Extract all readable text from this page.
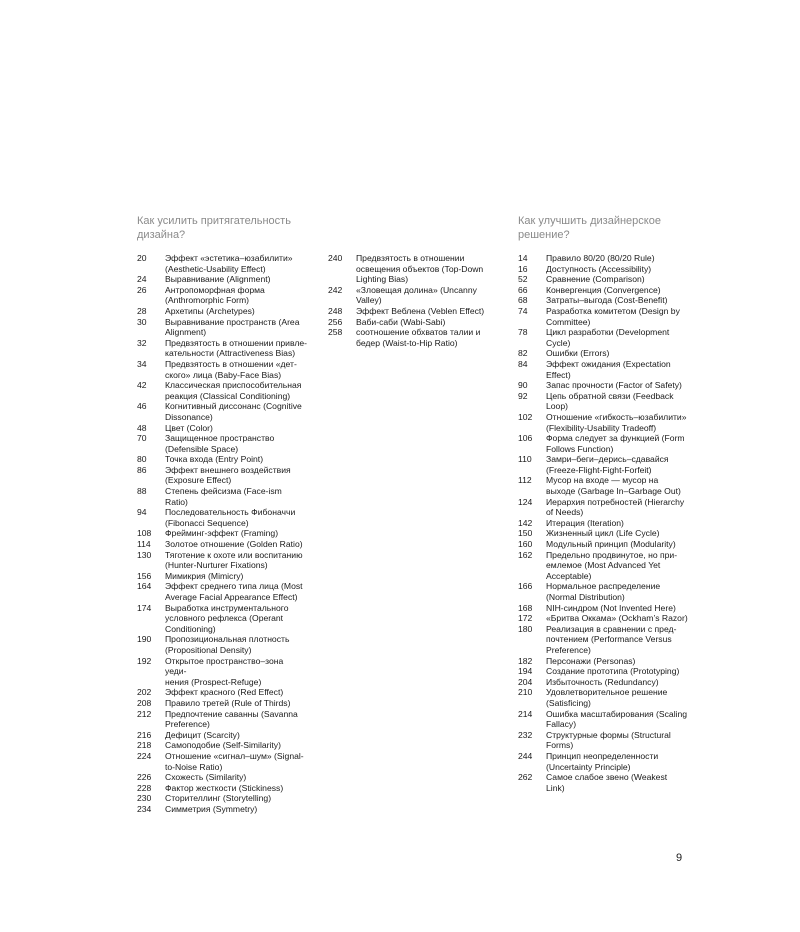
Как усилить притягательность
дизайна?
Как улучшить дизайнерское
решение?
20	Эффект «эстетика–юзабилити»
(Aesthetic-Usability Effect)
24	Выравнивание (Alignment)
26	Антропоморфная форма
(Anthromorphic Form)
28	Архетипы (Archetypes)
30	Выравнивание пространств (Area
Alignment)
32	Предвзятость в отношении привле-
кательности (Attractiveness Bias)
34	Предвзятость в отношении «дет-
ского» лица (Baby-Face Bias)
42	Классическая приспособительная
реакция (Classical Conditioning)
46	Когнитивный диссонанс (Cognitive
Dissonance)
48	Цвет (Color)
70	Защищенное пространство
(Defensible Space)
80	Точка входа (Entry Point)
86	Эффект внешнего воздействия
(Exposure Effect)
88	Степень фейсизма (Face-ism Ratio)
94	Последовательность Фибоначчи
(Fibonacci Sequence)
108	Фрейминг-эффект (Framing)
114	Золотое отношение (Golden Ratio)
130	Тяготение к охоте или воспитанию
(Hunter-Nurturer Fixations)
156	Мимикрия (Mimicry)
164	Эффект среднего типа лица (Most
Average Facial Appearance Effect)
174	Выработка инструментального
условного рефлекса (Operant
Conditioning)
190	Пропозициональная плотность
(Propositional Density)
192	Открытое пространство–зона уеди-
нения (Prospect-Refuge)
202	Эффект красного (Red Effect)
208	Правило третей (Rule of Thirds)
212	Предпочтение саванны (Savanna
Preference)
216	Дефицит (Scarcity)
218	Самоподобие (Self-Similarity)
224	Отношение «сигнал–шум» (Signal-
to-Noise Ratio)
226	Схожесть (Similarity)
228	Фактор жесткости (Stickiness)
230	Сторителлинг (Storytelling)
234	Симметрия (Symmetry)
240	Предвзятость в отношении
освещения объектов (Top-Down
Lighting Bias)
242	«Зловещая долина» (Uncanny
Valley)
248	Эффект Веблена (Veblen Effect)
256	Ваби-саби (Wabi-Sabi)
258	соотношение обхватов талии и
бедер (Waist-to-Hip Ratio)
14	Правило 80/20 (80/20 Rule)
16	Доступность (Accessibility)
52	Сравнение (Comparison)
66	Конвергенция (Convergence)
68	Затраты–выгода (Cost-Benefit)
74	Разработка комитетом (Design by
Committee)
78	Цикл разработки (Development
Cycle)
82	Ошибки (Errors)
84	Эффект ожидания (Expectation
Effect)
90	Запас прочности (Factor of Safety)
92	Цепь обратной связи (Feedback
Loop)
102	Отношение «гибкость–юзабилити»
(Flexibility-Usability Tradeoff)
106	Форма следует за функцией (Form
Follows Function)
110	Замри–беги–дерись–сдавайся
(Freeze-Flight-Fight-Forfeit)
112	Мусор на входе — мусор на
выходе (Garbage In–Garbage Out)
124	Иерархия потребностей (Hierarchy
of Needs)
142	Итерация (Iteration)
150	Жизненный цикл (Life Cycle)
160	Модульный принцип (Modularity)
162	Предельно продвинутое, но при-
емлемое (Most Advanced Yet
Acceptable)
166	Нормальное распределение
(Normal Distribution)
168	NIH-синдром (Not Invented Here)
172	«Бритва Оккама» (Ockham’s Razor)
180	Реализация в сравнении с пред-
почтением (Performance Versus
Preference)
182	Персонажи (Personas)
194	Создание прототипа (Prototyping)
204	Избыточность (Redundancy)
210	Удовлетворительное решение
(Satisficing)
214	Ошибка масштабирования (Scaling
Fallacy)
232	Структурные формы (Structural
Forms)
244	Принцип неопределенности
(Uncertainty Principle)
262	Самое слабое звено (Weakest Link)
9
